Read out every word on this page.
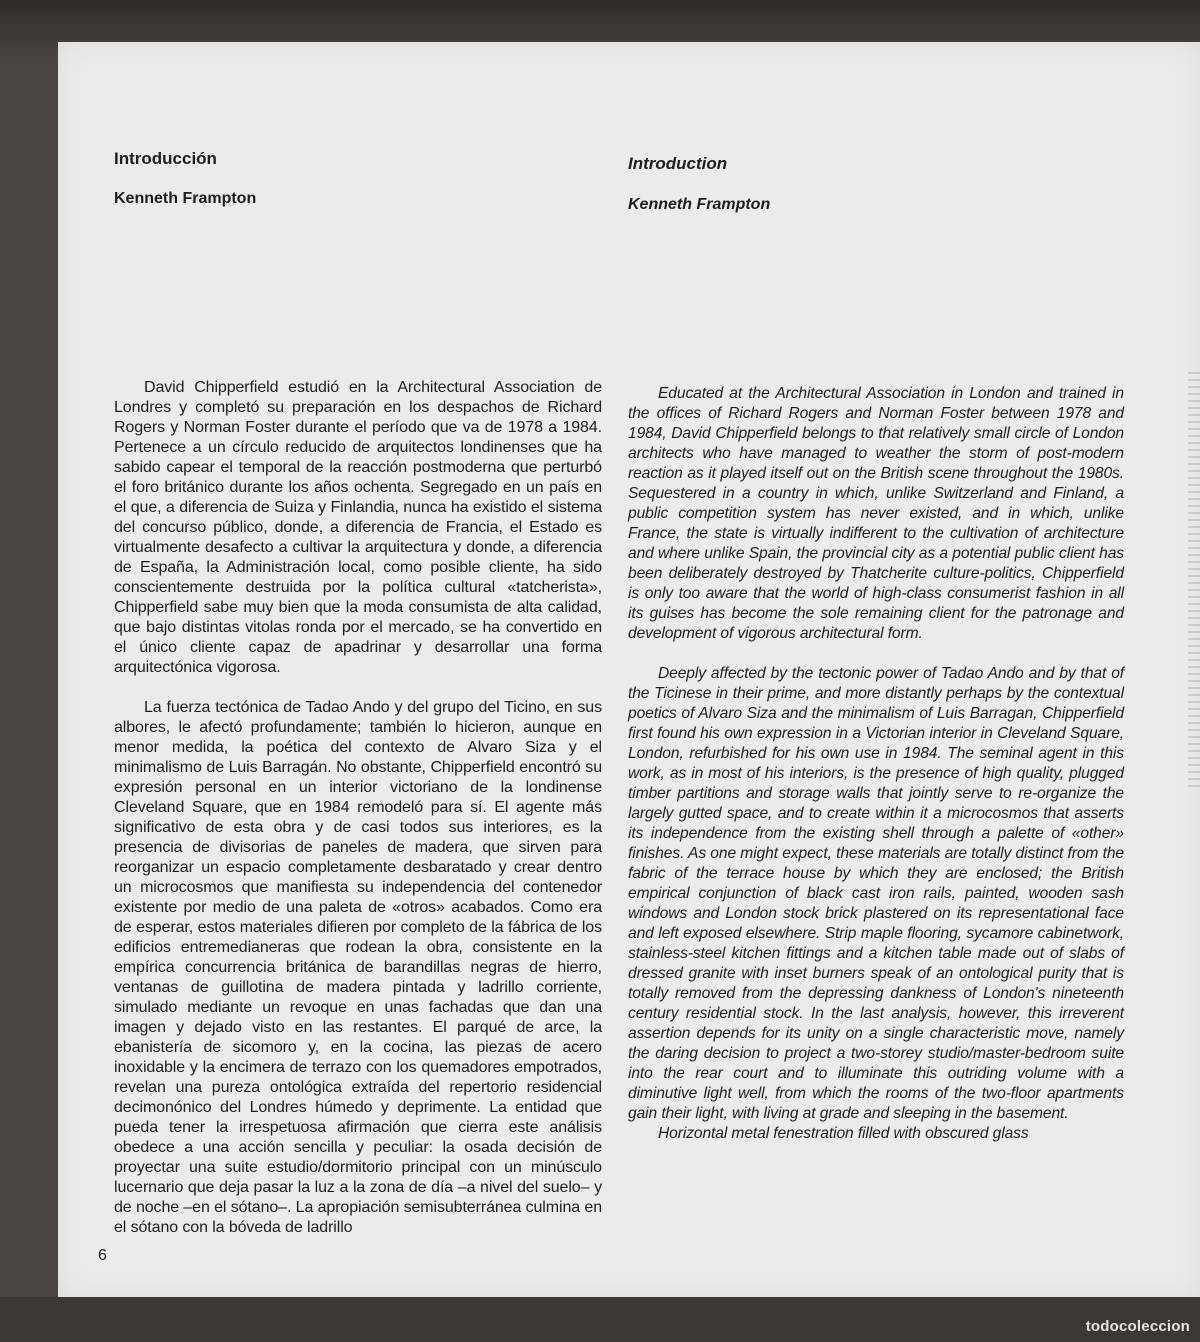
Introducción
Kenneth Frampton

David Chipperfield estudió en la Architectural Association de Londres y completó su preparación en los despachos de Richard Rogers y Norman Foster durante el período que va de 1978 a 1984. Pertenece a un círculo reducido de arquitectos londinenses que ha sabido capear el temporal de la reacción postmoderna que perturbó el foro británico durante los años ochenta. Segregado en un país en el que, a diferencia de Suiza y Finlandia, nunca ha existido el sistema del concurso público, donde, a diferencia de Francia, el Estado es virtualmente desafecto a cultivar la arquitectura y donde, a diferencia de España, la Administración local, como posible cliente, ha sido conscientemente destruida por la política cultural «tatcherista», Chipperfield sabe muy bien que la moda consumista de alta calidad, que bajo distintas vitolas ronda por el mercado, se ha convertido en el único cliente capaz de apadrinar y desarrollar una forma arquitectónica vigorosa.

La fuerza tectónica de Tadao Ando y del grupo del Ticino, en sus albores, le afectó profundamente; también lo hicieron, aunque en menor medida, la poética del contexto de Alvaro Siza y el minimalismo de Luis Barragán. No obstante, Chipperfield encontró su expresión personal en un interior victoriano de la londinense Cleveland Square, que en 1984 remodeló para sí. El agente más significativo de esta obra y de casi todos sus interiores, es la presencia de divisorias de paneles de madera, que sirven para reorganizar un espacio completamente desbaratado y crear dentro un microcosmos que manifiesta su independencia del contenedor existente por medio de una paleta de «otros» acabados. Como era de esperar, estos materiales difieren por completo de la fábrica de los edificios entremedianeras que rodean la obra, consistente en la empírica concurrencia británica de barandillas negras de hierro, ventanas de guillotina de madera pintada y ladrillo corriente, simulado mediante un revoque en unas fachadas que dan una imagen y dejado visto en las restantes. El parqué de arce, la ebanistería de sicomoro y, en la cocina, las piezas de acero inoxidable y la encimera de terrazo con los quemadores empotrados, revelan una pureza ontológica extraída del repertorio residencial decimonónico del Londres húmedo y deprimente. La entidad que pueda tener la irrespetuosa afirmación que cierra este análisis obedece a una acción sencilla y peculiar: la osada decisión de proyectar una suite estudio/dormitorio principal con un minúsculo lucernario que deja pasar la luz a la zona de día –a nivel del suelo– y de noche –en el sótano–. La apropiación semisubterránea culmina en el sótano con la bóveda de ladrillo

Introduction
Kenneth Frampton

Educated at the Architectural Association in London and trained in the offices of Richard Rogers and Norman Foster between 1978 and 1984, David Chipperfield belongs to that relatively small circle of London architects who have managed to weather the storm of post-modern reaction as it played itself out on the British scene throughout the 1980s. Sequestered in a country in which, unlike Switzerland and Finland, a public competition system has never existed, and in which, unlike France, the state is virtually indifferent to the cultivation of architecture and where unlike Spain, the provincial city as a potential public client has been deliberately destroyed by Thatcherite culture-politics, Chipperfield is only too aware that the world of high-class consumerist fashion in all its guises has become the sole remaining client for the patronage and development of vigorous architectural form.

Deeply affected by the tectonic power of Tadao Ando and by that of the Ticinese in their prime, and more distantly perhaps by the contextual poetics of Alvaro Siza and the minimalism of Luis Barragan, Chipperfield first found his own expression in a Victorian interior in Cleveland Square, London, refurbished for his own use in 1984. The seminal agent in this work, as in most of his interiors, is the presence of high quality, plugged timber partitions and storage walls that jointly serve to re-organize the largely gutted space, and to create within it a microcosmos that asserts its independence from the existing shell through a palette of «other» finishes. As one might expect, these materials are totally distinct from the fabric of the terrace house by which they are enclosed; the British empirical conjunction of black cast iron rails, painted, wooden sash windows and London stock brick plastered on its representational face and left exposed elsewhere. Strip maple flooring, sycamore cabinetwork, stainless-steel kitchen fittings and a kitchen table made out of slabs of dressed granite with inset burners speak of an ontological purity that is totally removed from the depressing dankness of London's nineteenth century residential stock. In the last analysis, however, this irreverent assertion depends for its unity on a single characteristic move, namely the daring decision to project a two-storey studio/master-bedroom suite into the rear court and to illuminate this outriding volume with a diminutive light well, from which the rooms of the two-floor apartments gain their light, with living at grade and sleeping in the basement.

Horizontal metal fenestration filled with obscured glass

6
todocoleccion
